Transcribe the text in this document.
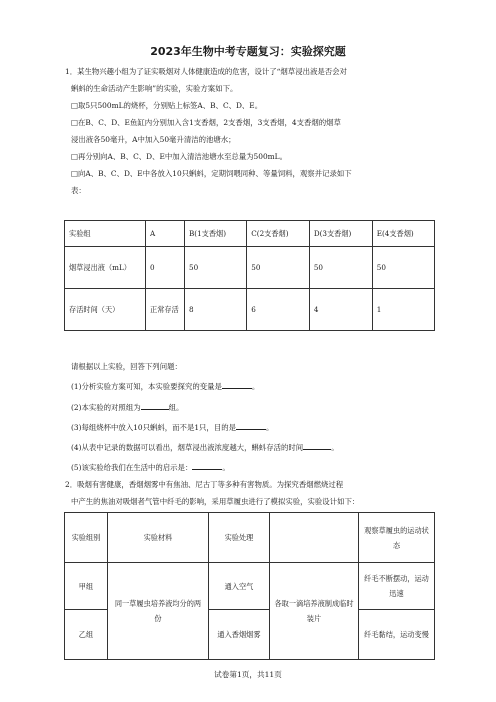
2023年生物中考专题复习：实验探究题
1．某生物兴趣小组为了证实吸烟对人体健康造成的危害，设计了“烟草浸出液是否会对
蝌蚪的生命活动产生影响”的实验，实验方案如下。
□取5只500mL的烧杯，分别贴上标签A、B、C、D、E。
□在B、C、D、E鱼缸内分别加入含1支香烟，2支香烟，3支香烟，4支香烟的烟草
浸出液各50毫升，A中加入50毫升清洁的池塘水；
□再分别向A、B、C、D、E中加入清洁池塘水至总量为500mL。
□向A、B、C、D、E中各放入10只蝌蚪，定期饲喂同种、等量饲料，观察并记录如下
表：
实验组	A	B(1支香烟)	C(2支香烟)	D(3支香烟)	E(4支香烟)
烟草浸出液（mL）	0	50	50	50	50
存活时间（天）	正常存活	8	6	4	1
请根据以上实验，回答下列问题：
(1)分析实验方案可知，本实验要探究的变量是	。
(2)本实验的对照组为	组。
(3)每组烧杯中放入10只蝌蚪，而不是1只，目的是	。
(4)从表中记录的数据可以看出，烟草浸出液浓度越大，蝌蚪存活的时间	。
(5)该实验给我们在生活中的启示是：	。
2．吸烟有害健康，香烟烟雾中有焦油、尼古丁等多种有害物质。为探究香烟燃烧过程
中产生的焦油对吸烟者气管中纤毛的影响，采用草履虫进行了模拟实验，实验设计如下：
实验组别	实验材料	实验处理		观察草履虫的运动状态
甲组	同一草履虫培养液均分的两份	通入空气	各取一滴培养液制成临时装片	纤毛不断摆动，运动迅速
乙组		通入香烟烟雾		纤毛黏结，运动变慢
试卷第1页，共11页
